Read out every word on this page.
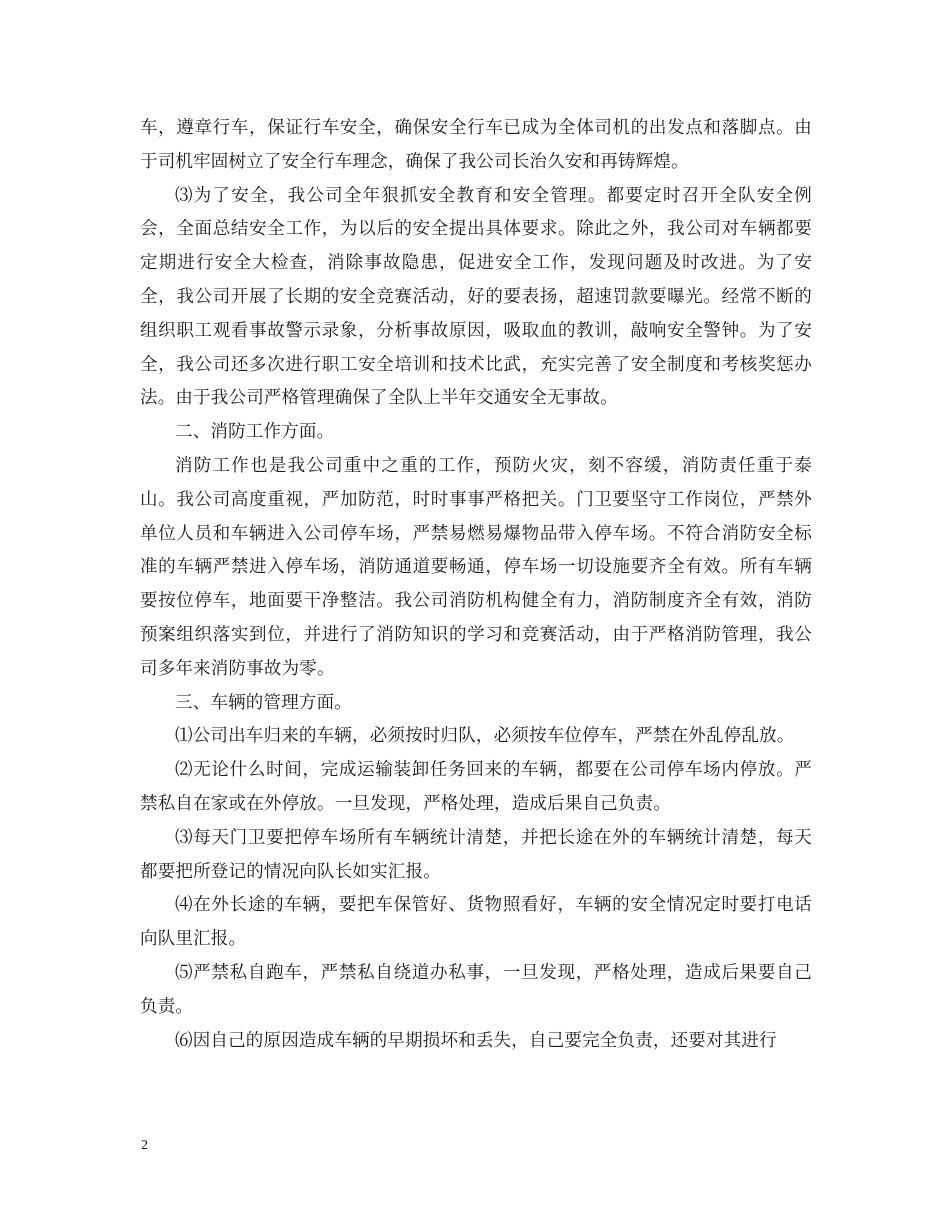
车，遵章行车，保证行车安全，确保安全行车已成为全体司机的出发点和落脚点。由于司机牢固树立了安全行车理念，确保了我公司长治久安和再铸辉煌。

⑶为了安全，我公司全年狠抓安全教育和安全管理。都要定时召开全队安全例会，全面总结安全工作，为以后的安全提出具体要求。除此之外，我公司对车辆都要定期进行安全大检查，消除事故隐患，促进安全工作，发现问题及时改进。为了安全，我公司开展了长期的安全竞赛活动，好的要表扬，超速罚款要曝光。经常不断的组织职工观看事故警示录象，分析事故原因，吸取血的教训，敲响安全警钟。为了安全，我公司还多次进行职工安全培训和技术比武，充实完善了安全制度和考核奖惩办法。由于我公司严格管理确保了全队上半年交通安全无事故。

二、消防工作方面。

消防工作也是我公司重中之重的工作，预防火灾，刻不容缓，消防责任重于泰山。我公司高度重视，严加防范，时时事事严格把关。门卫要坚守工作岗位，严禁外单位人员和车辆进入公司停车场，严禁易燃易爆物品带入停车场。不符合消防安全标准的车辆严禁进入停车场，消防通道要畅通，停车场一切设施要齐全有效。所有车辆要按位停车，地面要干净整洁。我公司消防机构健全有力，消防制度齐全有效，消防预案组织落实到位，并进行了消防知识的学习和竞赛活动，由于严格消防管理，我公司多年来消防事故为零。

三、车辆的管理方面。

⑴公司出车归来的车辆，必须按时归队，必须按车位停车，严禁在外乱停乱放。

⑵无论什么时间，完成运输装卸任务回来的车辆，都要在公司停车场内停放。严禁私自在家或在外停放。一旦发现，严格处理，造成后果自己负责。

⑶每天门卫要把停车场所有车辆统计清楚，并把长途在外的车辆统计清楚，每天都要把所登记的情况向队长如实汇报。

⑷在外长途的车辆，要把车保管好、货物照看好，车辆的安全情况定时要打电话向队里汇报。

⑸严禁私自跑车，严禁私自绕道办私事，一旦发现，严格处理，造成后果要自己负责。

⑹因自己的原因造成车辆的早期损坏和丢失，自己要完全负责，还要对其进行

2
